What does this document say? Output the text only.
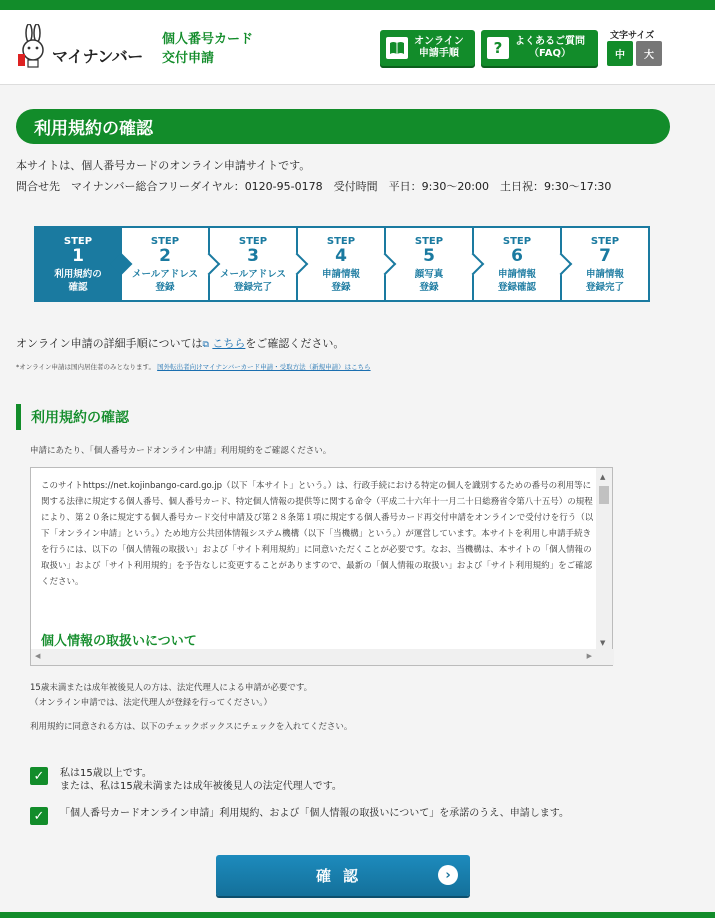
マイナンバー
個人番号カード
交付申請
オンライン
申請手順	?	よくあるご質問
（FAQ）
文字サイズ
中	大
利用規約の確認
本サイトは、個人番号カードのオンライン申請サイトです。
問合せ先　マイナンバー総合フリーダイヤル：0120-95-0178　受付時間　平日：9:30～20:00　土日祝：9:30～17:30
STEP
1
利用規約の
確認
STEP
2
メールアドレス
登録
STEP
3
メールアドレス
登録完了
STEP
4
申請情報
登録
STEP
5
顔写真
登録
STEP
6
申請情報
登録確認
STEP
7
申請情報
登録完了
オンライン申請の詳細手順については⧉ こちらをご確認ください。
*オンライン申請は国内居住者のみとなります。 国外転出者向けマイナンバーカード申請・受取方法（新規申請）はこちら
利用規約の確認
申請にあたり、「個人番号カードオンライン申請」利用規約をご確認ください。
このサイトhttps://net.kojinbango-card.go.jp（以下「本サイト」という。）は、行政手続における特定の個人を識別するための番号の利用等に関する法律に規定する個人番号、個人番号カード、特定個人情報の提供等に関する命令（平成二十六年十一月二十日総務省令第八十五号）の規程により、第２０条に規定する個人番号カード交付申請及び第２８条第１項に規定する個人番号カード再交付申請をオンラインで受付けを行う（以下「オンライン申請」という。）ため地方公共団体情報システム機構（以下「当機構」という。）が運営しています。本サイトを利用し申請手続きを行うには、以下の「個人情報の取扱い」および「サイト利用規約」に同意いただくことが必要です。なお、当機構は、本サイトの「個人情報の取扱い」および「サイト利用規約」を予告なしに変更することがありますので、最新の「個人情報の取扱い」および「サイト利用規約」をご確認ください。
個人情報の取扱いについて
▲
▼
◀	▶
15歳未満または成年被後見人の方は、法定代理人による申請が必要です。
（オンライン申請では、法定代理人が登録を行ってください。）
利用規約に同意される方は、以下のチェックボックスにチェックを入れてください。
✓	私は15歳以上です。
または、私は15歳未満または成年被後見人の法定代理人です。
✓	「個人番号カードオンライン申請」利用規約、および「個人情報の取扱いについて」を承諾のうえ、申請します。
確認	›
